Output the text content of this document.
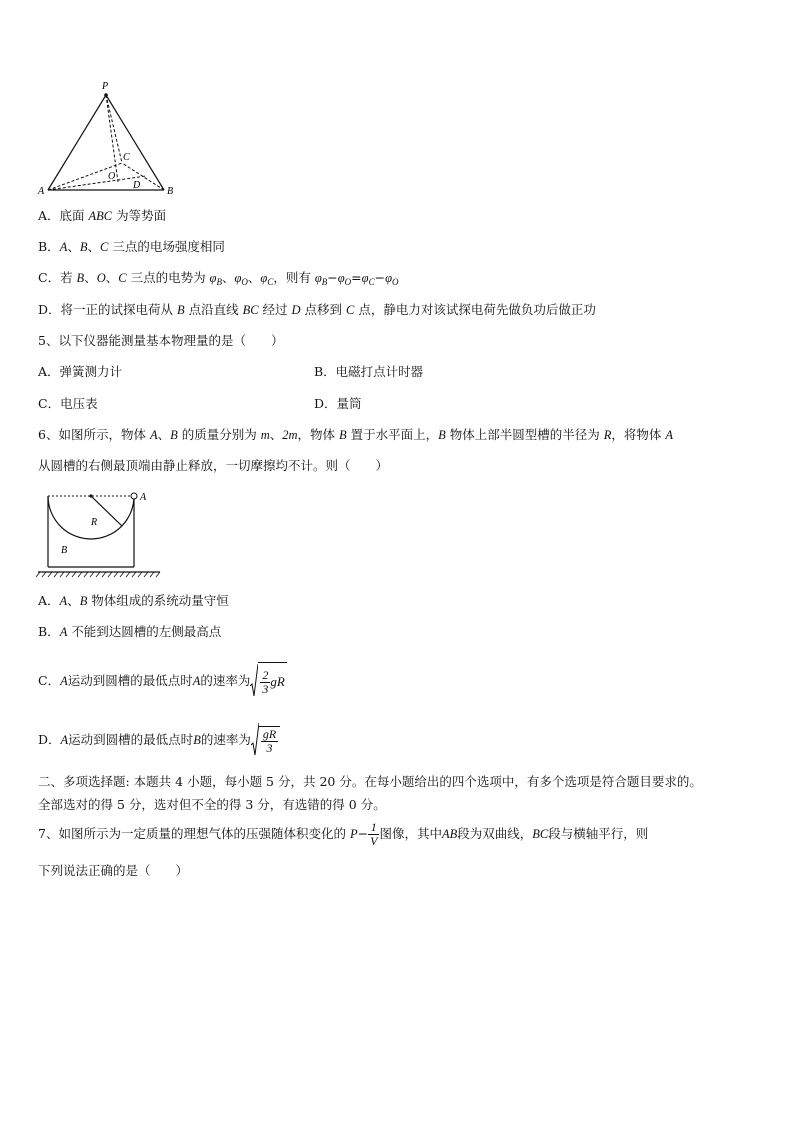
P
A	B
C
O
D
A．底面 ABC 为等势面
B．A、B、C 三点的电场强度相同
C．若 B、O、C 三点的电势为 $\varphi_B$、$\varphi_O$、$\varphi_C$，则有 $\varphi_B-\varphi_O=\varphi_C-\varphi_O$
D．将一正的试探电荷从 B 点沿直线 BC 经过 D 点移到 C 点，静电力对该试探电荷先做负功后做正功
5、以下仪器能测量基本物理量的是（　　）
A．弹簧测力计	B．电磁打点计时器
C．电压表	D．量筒
6、如图所示，物体 A、B 的质量分别为 m、2m，物体 B 置于水平面上，B 物体上部半圆型槽的半径为 R，将物体 A
从圆槽的右侧最顶端由静止释放，一切摩擦均不计。则（　　）
A
R
B
A．A、B 物体组成的系统动量守恒
B．A 不能到达圆槽的左侧最高点
C． A 运动到圆槽的最低点时 A 的速率为 $\frac{2}{3}$ gR
D． A 运动到圆槽的最低点时 B 的速率为 $\frac{gR}{3}$
二、多项选择题: 本题共 4 小题，每小题 5 分，共 20 分。在每小题给出的四个选项中，有多个选项是符合题目要求的。
全部选对的得 5 分，选对但不全的得 3 分，有选错的得 0 分。
7、如图所示为一定质量的理想气体的压强随体积变化的 $P - \frac{1}{V}$ 图像，其中 AB 段为双曲线， BC 段与横轴平行，则
下列说法正确的是（　　）
